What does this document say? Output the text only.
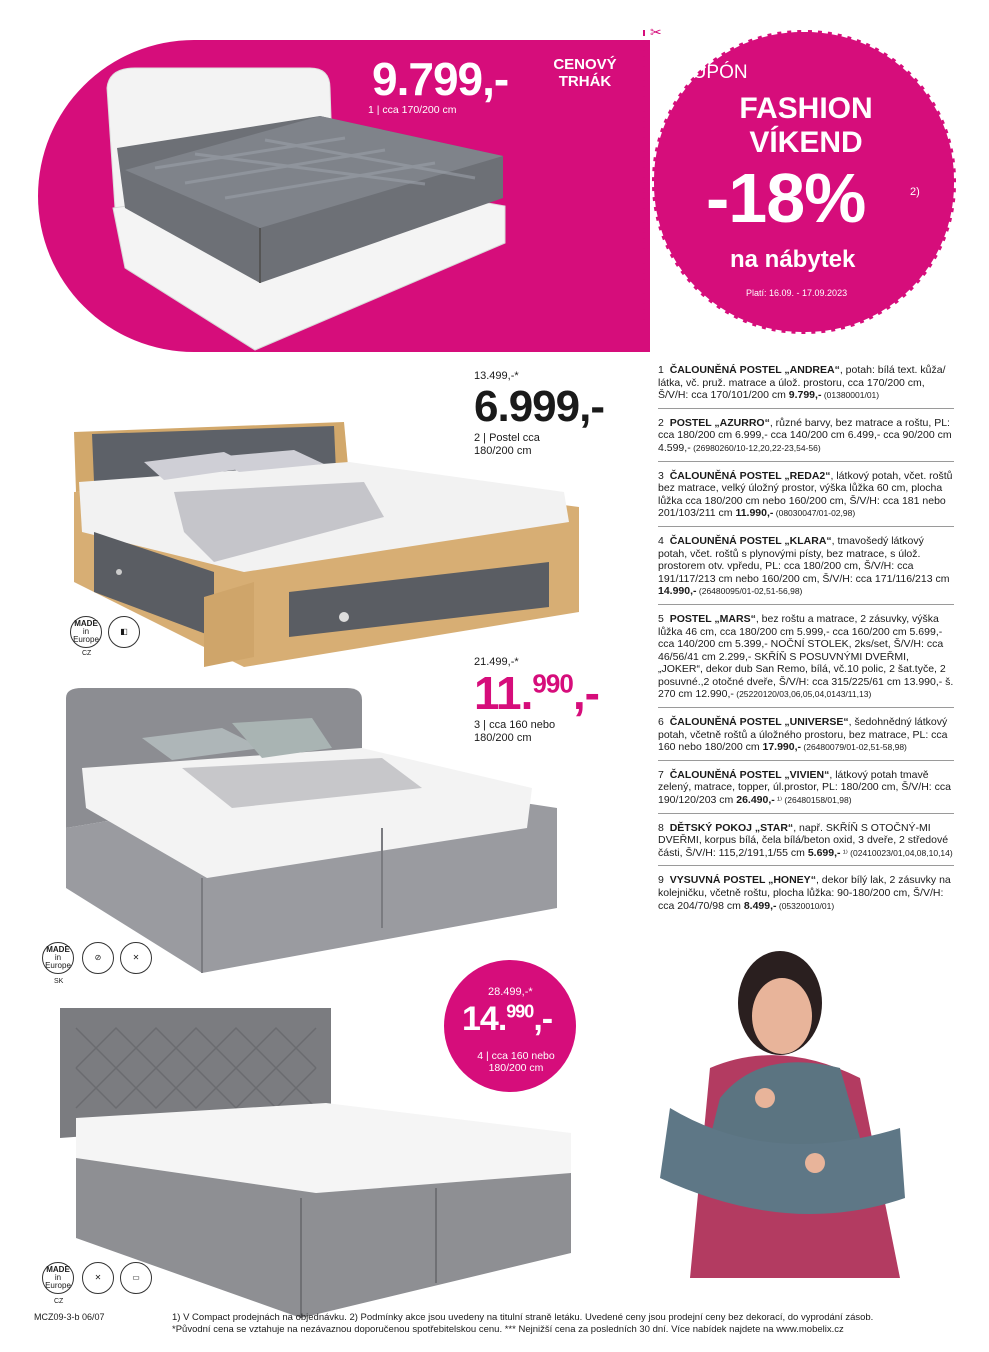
9.799,-
1 | cca 170/200 cm
CENOVÝ
TRHÁK
✂
KUPÓN
FASHION
VÍKEND
-18%	2)
na nábytek
Platí: 16.09. - 17.09.2023
13.499,-*
6.999,-
2 | Postel cca 180/200 cm
MADE
in Europe
◧
CZ
21.499,-*
11.$^{990}$,-
3 | cca 160 nebo 180/200 cm
MADE
in Europe
⊘	✕
SK
28.499,-*
14.$^{990}$,-
4 | cca 160 nebo 180/200 cm
MADE
in Europe
✕	▭
CZ
1 ČALOUNĚNÁ POSTEL „ANDREA“, potah: bílá text. kůža/ látka, vč. pruž. matrace a úlož. prostoru, cca 170/200 cm, Š/V/H: cca 170/101/200 cm 9.799,- (01380001/01)
2 POSTEL „AZURRO“, různé barvy, bez matrace a roštu, PL: cca 180/200 cm 6.999,- cca 140/200 cm 6.499,- cca 90/200 cm 4.599,- (26980260/10-12,20,22-23,54-56)
3 ČALOUNĚNÁ POSTEL „REDA2“, látkový potah, včet. roštů bez matrace, velký úložný prostor, výška lůžka 60 cm, plocha lůžka cca 180/200 cm nebo 160/200 cm, Š/V/H: cca 181 nebo 201/103/211 cm 11.990,- (08030047/01-02,98)
4 ČALOUNĚNÁ POSTEL „KLARA“, tmavošedý látkový potah, včet. roštů s plynovými písty, bez matrace, s úlož. prostorem otv. vpředu, PL: cca 180/200 cm, Š/V/H: cca 191/117/213 cm nebo 160/200 cm, Š/V/H: cca 171/116/213 cm 14.990,- (26480095/01-02,51-56,98)
5 POSTEL „MARS“, bez roštu a matrace, 2 zásuvky, výška lůžka 46 cm, cca 180/200 cm 5.999,- cca 160/200 cm 5.699,- cca 140/200 cm 5.399,- NOČNÍ STOLEK, 2ks/set, Š/V/H: cca 46/56/41 cm 2.299,- SKŘÍŇ S POSUVNÝMI DVEŘMI, „JOKER“, dekor dub San Remo, bílá, vč.10 polic, 2 šat.tyče, 2 posuvné.,2 otočné dveře, Š/V/H: cca 315/225/61 cm 13.990,- š. 270 cm 12.990,- (25220120/03,06,05,04,0143/11,13)
6 ČALOUNĚNÁ POSTEL „UNIVERSE“, šedohnědný látkový potah, včetně roštů a úložného prostoru, bez matrace, PL: cca 160 nebo 180/200 cm 17.990,- (26480079/01-02,51-58,98)
7 ČALOUNĚNÁ POSTEL „VIVIEN“, látkový potah tmavě zelený, matrace, topper, úl.prostor, PL: 180/200 cm, Š/V/H: cca 190/120/203 cm 26.490,- ¹⁾ (26480158/01,98)
8 DĚTSKÝ POKOJ „STAR“, např. SKŘÍŇ S OTOČNÝ-MI DVEŘMI, korpus bílá, čela bílá/beton oxid, 3 dveře, 2 středové části, Š/V/H: 115,2/191,1/55 cm 5.699,- ¹⁾ (02410023/01,04,08,10,14)
9 VYSUVNÁ POSTEL „HONEY“, dekor bílý lak, 2 zásuvky na kolejničku, včetně roštu, plocha lůžka: 90-180/200 cm, Š/V/H: cca 204/70/98 cm 8.499,- (05320010/01)
MCZ09-3-b 06/07	1) V Compact prodejnách na objednávku. 2) Podmínky akce jsou uvedeny na titulní straně letáku. Uvedené ceny jsou prodejní ceny bez dekorací, do vyprodání zásob.
*Původní cena se vztahuje na nezávaznou doporučenou spotřebitelskou cenu. *** Nejnižší cena za posledních 30 dní. Více nabídek najdete na www.mobelix.cz
